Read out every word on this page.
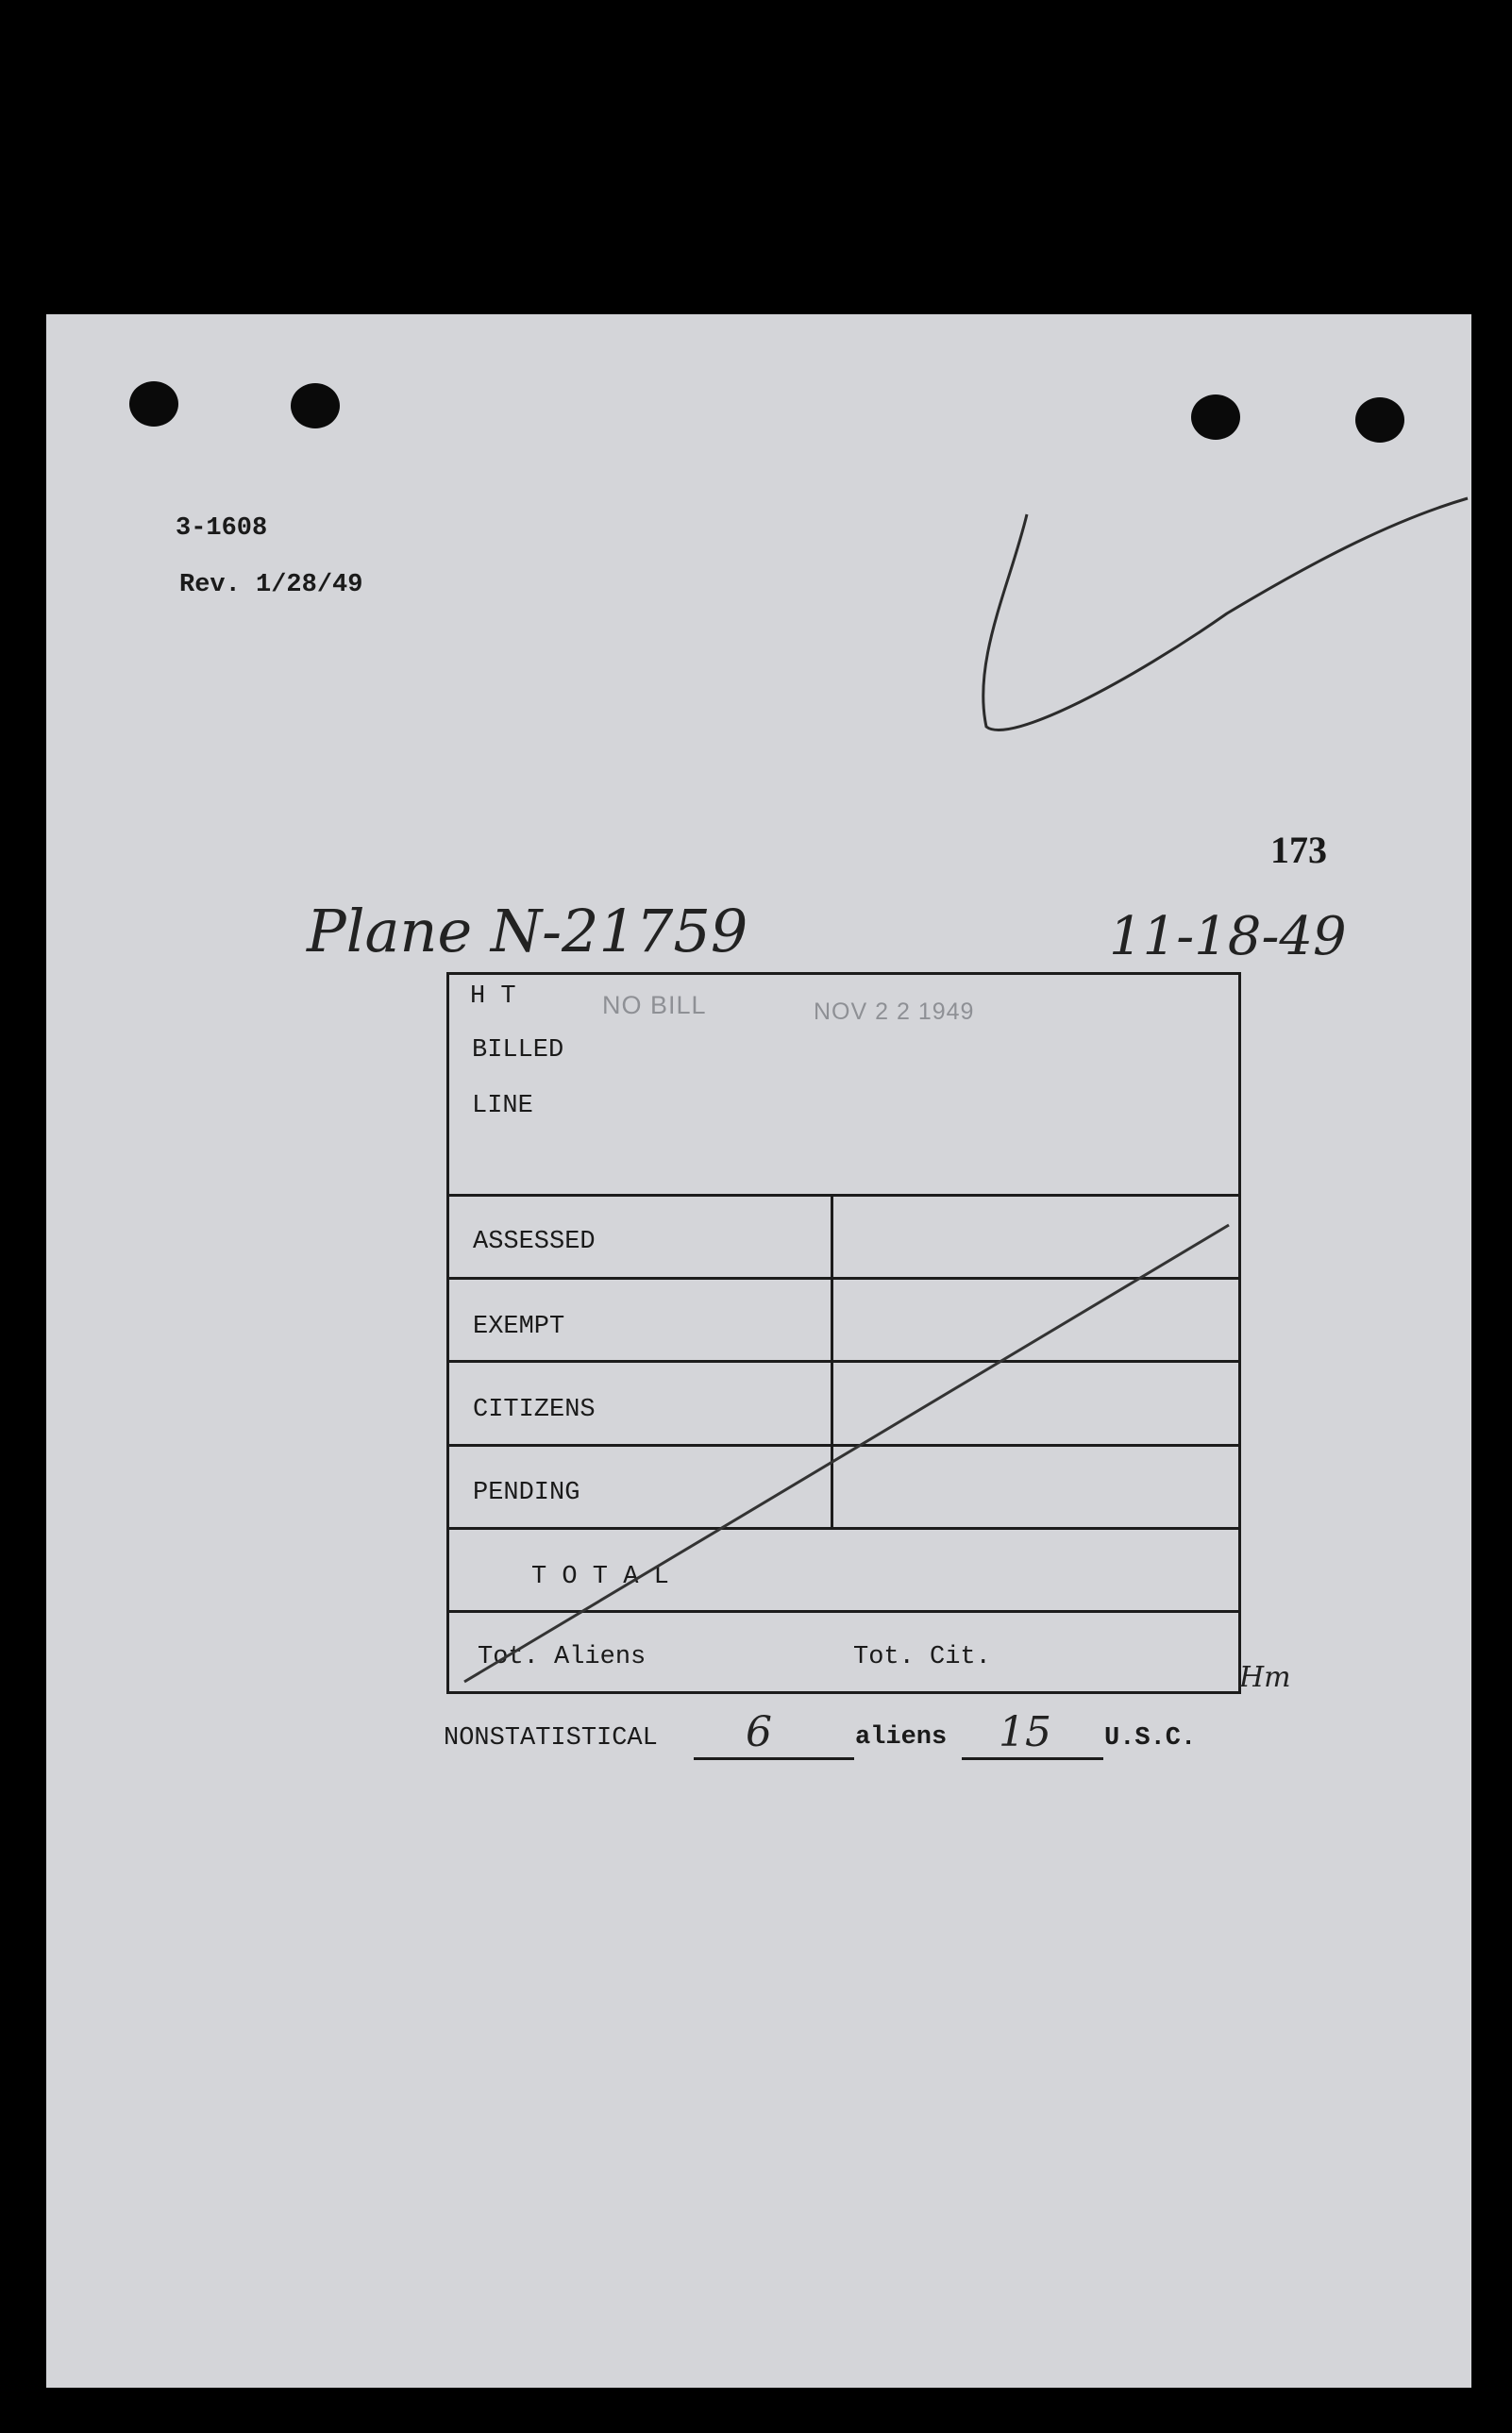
3-1608
Rev. 1/28/49
173
Plane N-21759	11-18-49
NO BILL	NOV 2 2 1949
H T
BILLED
LINE
ASSESSED
EXEMPT
CITIZENS
PENDING
T O T A L
Tot. Aliens	Tot. Cit.
Hm
NONSTATISTICAL 6	aliens 15 U.S.C.
